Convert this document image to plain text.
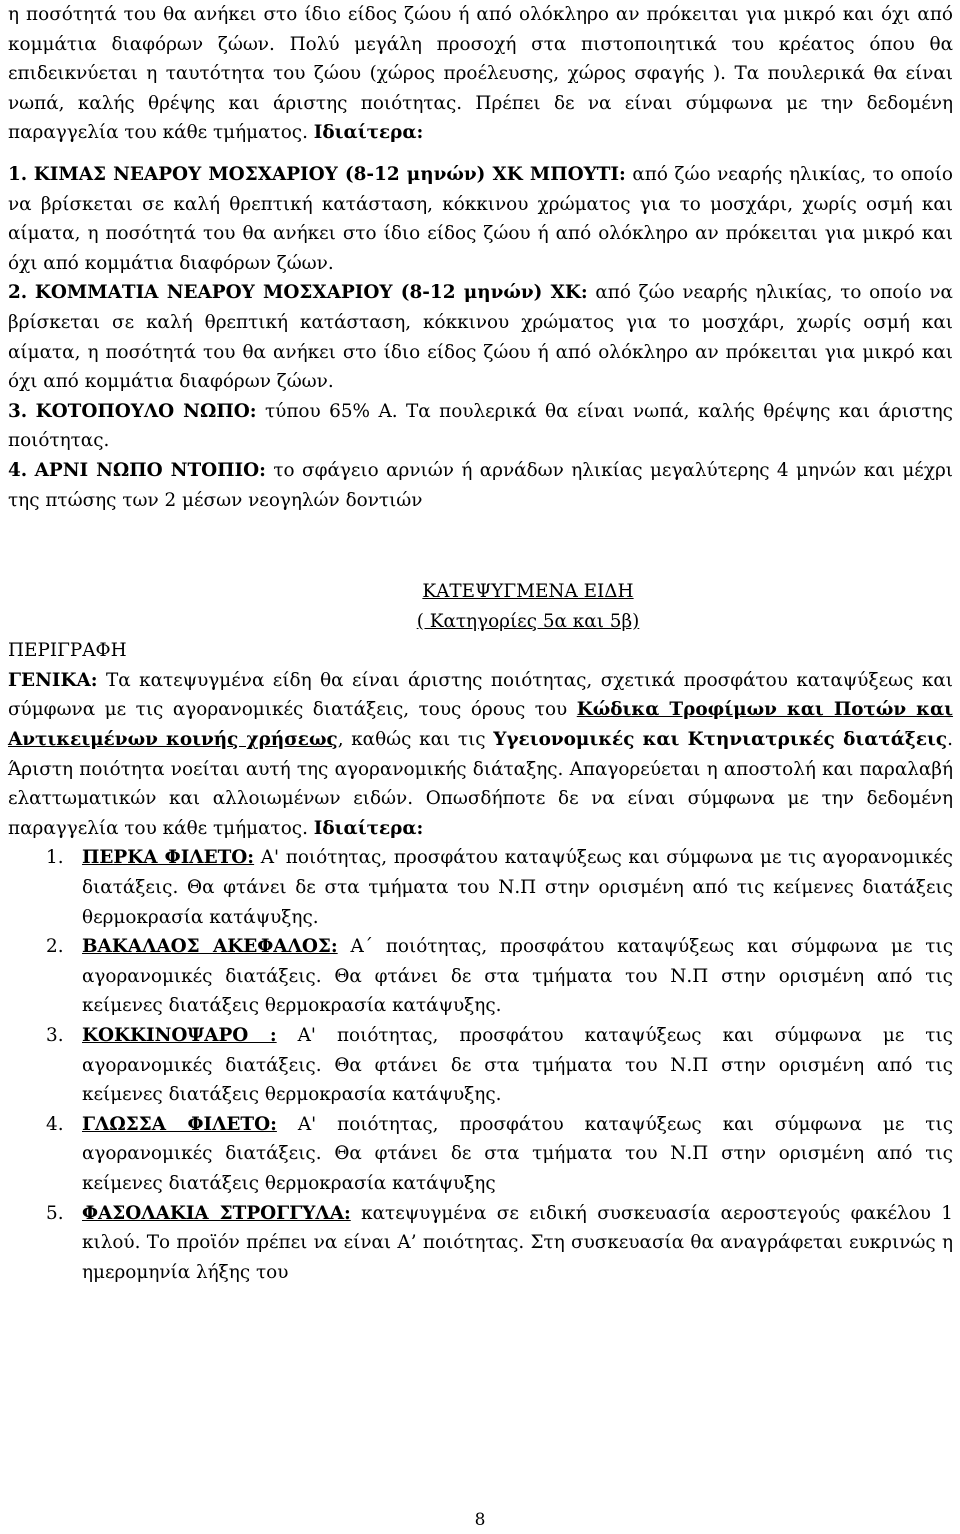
η ποσότητά του θα ανήκει στο ίδιο είδος ζώου ή από ολόκληρο αν πρόκειται για μικρό και όχι από κομμάτια διαφόρων ζώων. Πολύ μεγάλη προσοχή στα πιστοποιητικά του κρέατος όπου θα επιδεικνύεται η ταυτότητα του ζώου (χώρος προέλευσης, χώρος σφαγής ). Τα πουλερικά θα είναι νωπά, καλής θρέψης και άριστης ποιότητας. Πρέπει δε να είναι σύμφωνα με την δεδομένη παραγγελία του κάθε τμήματος. Ιδιαίτερα:

1. ΚΙΜΑΣ ΝΕΑΡΟΥ ΜΟΣΧΑΡΙΟΥ (8-12 μηνών) ΧΚ ΜΠΟΥΤΙ: από ζώο νεαρής ηλικίας, το οποίο να βρίσκεται σε καλή θρεπτική κατάσταση, κόκκινου χρώματος για το μοσχάρι, χωρίς οσμή και αίματα, η ποσότητά του θα ανήκει στο ίδιο είδος ζώου ή από ολόκληρο αν πρόκειται για μικρό και όχι από κομμάτια διαφόρων ζώων.

2. ΚΟΜΜΑΤΙΑ ΝΕΑΡΟΥ ΜΟΣΧΑΡΙΟΥ (8-12 μηνών) ΧΚ: από ζώο νεαρής ηλικίας, το οποίο να βρίσκεται σε καλή θρεπτική κατάσταση, κόκκινου χρώματος για το μοσχάρι, χωρίς οσμή και αίματα, η ποσότητά του θα ανήκει στο ίδιο είδος ζώου ή από ολόκληρο αν πρόκειται για μικρό και όχι από κομμάτια διαφόρων ζώων.

3. ΚΟΤΟΠΟΥΛΟ ΝΩΠΟ: τύπου 65% Α. Τα πουλερικά θα είναι νωπά, καλής θρέψης και άριστης ποιότητας.

4. ΑΡΝΙ ΝΩΠΟ ΝΤΟΠΙΟ: το σφάγειο αρνιών ή αρνάδων ηλικίας μεγαλύτερης 4 μηνών και μέχρι της πτώσης των 2 μέσων νεογηλών δοντιών

ΚΑΤΕΨΥΓΜΕΝΑ ΕΙΔΗ

( Κατηγορίες 5α και 5β)

ΠΕΡΙΓΡΑΦΗ

ΓΕΝΙΚΑ: Τα κατεψυγμένα είδη θα είναι άριστης ποιότητας, σχετικά προσφάτου καταψύξεως και σύμφωνα με τις αγορανομικές διατάξεις, τους όρους του Κώδικα Τροφίμων και Ποτών και Αντικειμένων κοινής χρήσεως, καθώς και τις Υγειονομικές και Κτηνιατρικές διατάξεις. Άριστη ποιότητα νοείται αυτή της αγορανομικής διάταξης. Απαγορεύεται η αποστολή και παραλαβή ελαττωματικών και αλλοιωμένων ειδών. Οπωσδήποτε δε να είναι σύμφωνα με την δεδομένη παραγγελία του κάθε τμήματος. Ιδιαίτερα:

1. ΠΕΡΚΑ ΦΙΛΕΤΟ: Α' ποιότητας, προσφάτου καταψύξεως και σύμφωνα με τις αγορανομικές διατάξεις. Θα φτάνει δε στα τμήματα του Ν.Π στην ορισμένη από τις κείμενες διατάξεις θερμοκρασία κατάψυξης.
2. ΒΑΚΑΛΑΟΣ ΑΚΕΦΑΛΟΣ: Α΄ ποιότητας, προσφάτου καταψύξεως και σύμφωνα με τις αγορανομικές διατάξεις. Θα φτάνει δε στα τμήματα του Ν.Π στην ορισμένη από τις κείμενες διατάξεις θερμοκρασία κατάψυξης.
3. ΚΟΚΚΙΝΟΨΑΡΟ : Α' ποιότητας, προσφάτου καταψύξεως και σύμφωνα με τις αγορανομικές διατάξεις. Θα φτάνει δε στα τμήματα του Ν.Π στην ορισμένη από τις κείμενες διατάξεις θερμοκρασία κατάψυξης.
4. ΓΛΩΣΣΑ ΦΙΛΕΤΟ: Α' ποιότητας, προσφάτου καταψύξεως και σύμφωνα με τις αγορανομικές διατάξεις. Θα φτάνει δε στα τμήματα του Ν.Π στην ορισμένη από τις κείμενες διατάξεις θερμοκρασία κατάψυξης
5. ΦΑΣΟΛΑΚΙΑ ΣΤΡΟΓΓΥΛΑ: κατεψυγμένα σε ειδική συσκευασία αεροστεγούς φακέλου 1 κιλού. Το προϊόν πρέπει να είναι Α’ ποιότητας. Στη συσκευασία θα αναγράφεται ευκρινώς η ημερομηνία λήξης του
8
